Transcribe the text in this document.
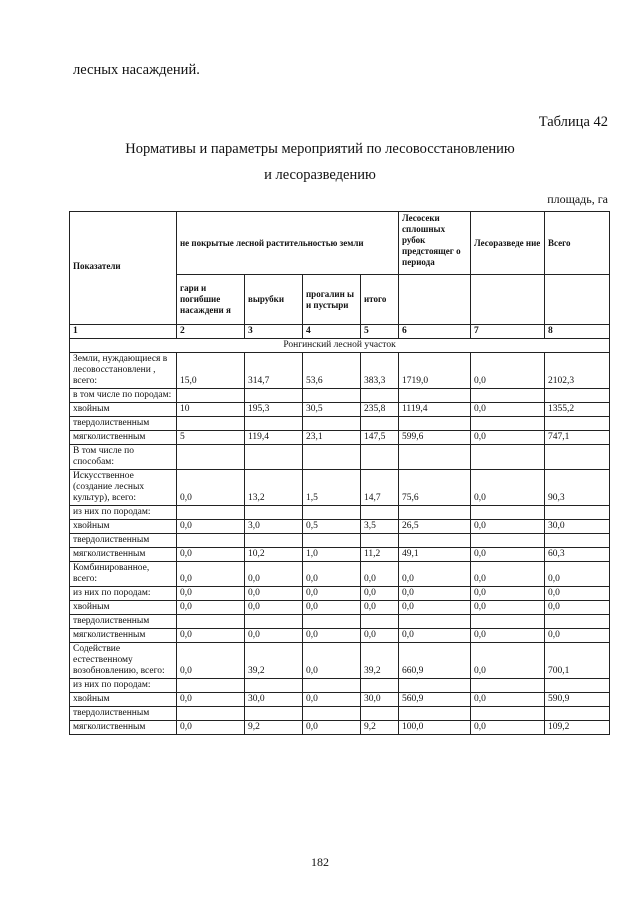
лесных насаждений.
Таблица 42
Нормативы и параметры мероприятий по лесовосстановлению
и лесоразведению
площадь, га
Показатели	не покрытые лесной растительностью земли				Лесосеки сплошных рубок предстоящег о периода	Лесоразведе ние	Всего
	гари и погибшие насаждени я	вырубки	прогалин ы и пустыри	итого			
1	2	3	4	5	6	7	8
Ронгинский лесной участок							
Земли, нуждающиеся в лесовосстановлени , всего:	15,0	314,7	53,6	383,3	1719,0	0,0	2102,3
в том числе по породам:							
хвойным	10	195,3	30,5	235,8	1119,4	0,0	1355,2
твердолиственным							
мягколиственным	5	119,4	23,1	147,5	599,6	0,0	747,1
В том числе по способам:							
Искусственное (создание лесных культур), всего:	0,0	13,2	1,5	14,7	75,6	0,0	90,3
из них по породам:							
хвойным	0,0	3,0	0,5	3,5	26,5	0,0	30,0
твердолиственным							
мягколиственным	0,0	10,2	1,0	11,2	49,1	0,0	60,3
Комбинированное, всего:	0,0	0,0	0,0	0,0	0,0	0,0	0,0
из них по породам:	0,0	0,0	0,0	0,0	0,0	0,0	0,0
хвойным	0,0	0,0	0,0	0,0	0,0	0,0	0,0
твердолиственным							
мягколиственным	0,0	0,0	0,0	0,0	0,0	0,0	0,0
Содействие естественному возобновлению, всего:	0,0	39,2	0,0	39,2	660,9	0,0	700,1
из них по породам:							
хвойным	0,0	30,0	0,0	30,0	560,9	0,0	590,9
твердолиственным							
мягколиственным	0,0	9,2	0,0	9,2	100,0	0,0	109,2
182
